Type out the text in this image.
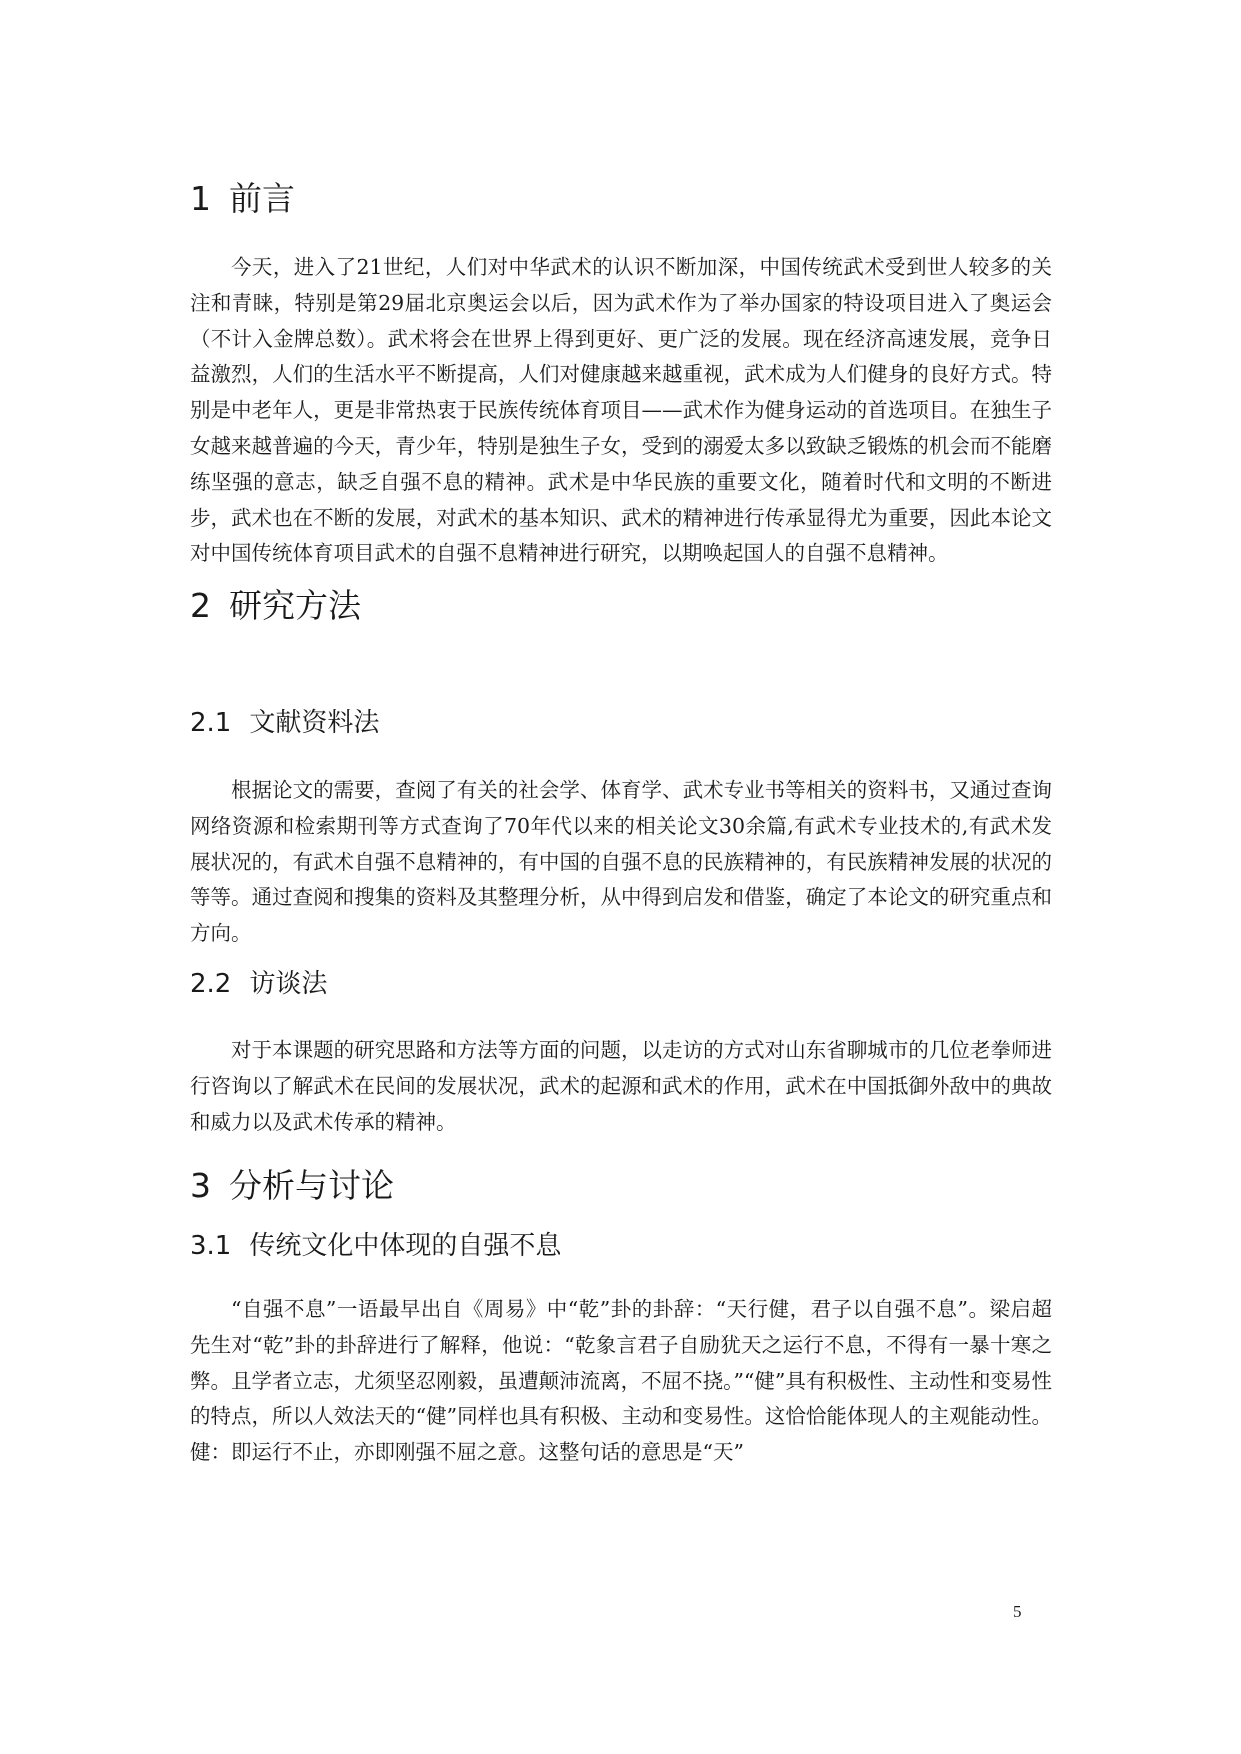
1 前言

今天，进入了21世纪，人们对中华武术的认识不断加深，中国传统武术受到世人较多的关注和青睐，特别是第29届北京奥运会以后，因为武术作为了举办国家的特设项目进入了奥运会（不计入金牌总数）。武术将会在世界上得到更好、更广泛的发展。现在经济高速发展，竞争日益激烈，人们的生活水平不断提高，人们对健康越来越重视，武术成为人们健身的良好方式。特别是中老年人，更是非常热衷于民族传统体育项目——武术作为健身运动的首选项目。在独生子女越来越普遍的今天，青少年，特别是独生子女，受到的溺爱太多以致缺乏锻炼的机会而不能磨练坚强的意志，缺乏自强不息的精神。武术是中华民族的重要文化，随着时代和文明的不断进步，武术也在不断的发展，对武术的基本知识、武术的精神进行传承显得尤为重要，因此本论文对中国传统体育项目武术的自强不息精神进行研究，以期唤起国人的自强不息精神。

2 研究方法
2.1 文献资料法

根据论文的需要，查阅了有关的社会学、体育学、武术专业书等相关的资料书，又通过查询网络资源和检索期刊等方式查询了70年代以来的相关论文30余篇,有武术专业技术的,有武术发展状况的，有武术自强不息精神的，有中国的自强不息的民族精神的，有民族精神发展的状况的等等。通过查阅和搜集的资料及其整理分析，从中得到启发和借鉴，确定了本论文的研究重点和方向。

2.2 访谈法

对于本课题的研究思路和方法等方面的问题，以走访的方式对山东省聊城市的几位老拳师进行咨询以了解武术在民间的发展状况，武术的起源和武术的作用，武术在中国抵御外敌中的典故和威力以及武术传承的精神。

3 分析与讨论
3.1 传统文化中体现的自强不息

“自强不息”一语最早出自《周易》中“乾”卦的卦辞：“天行健，君子以自强不息”。梁启超先生对“乾”卦的卦辞进行了解释，他说：“乾象言君子自励犹天之运行不息，不得有一暴十寒之弊。且学者立志，尤须坚忍刚毅，虽遭颠沛流离，不屈不挠。”“健”具有积极性、主动性和变易性的特点，所以人效法天的“健”同样也具有积极、主动和变易性。这恰恰能体现人的主观能动性。健：即运行不止，亦即刚强不屈之意。这整句话的意思是“天”

5
